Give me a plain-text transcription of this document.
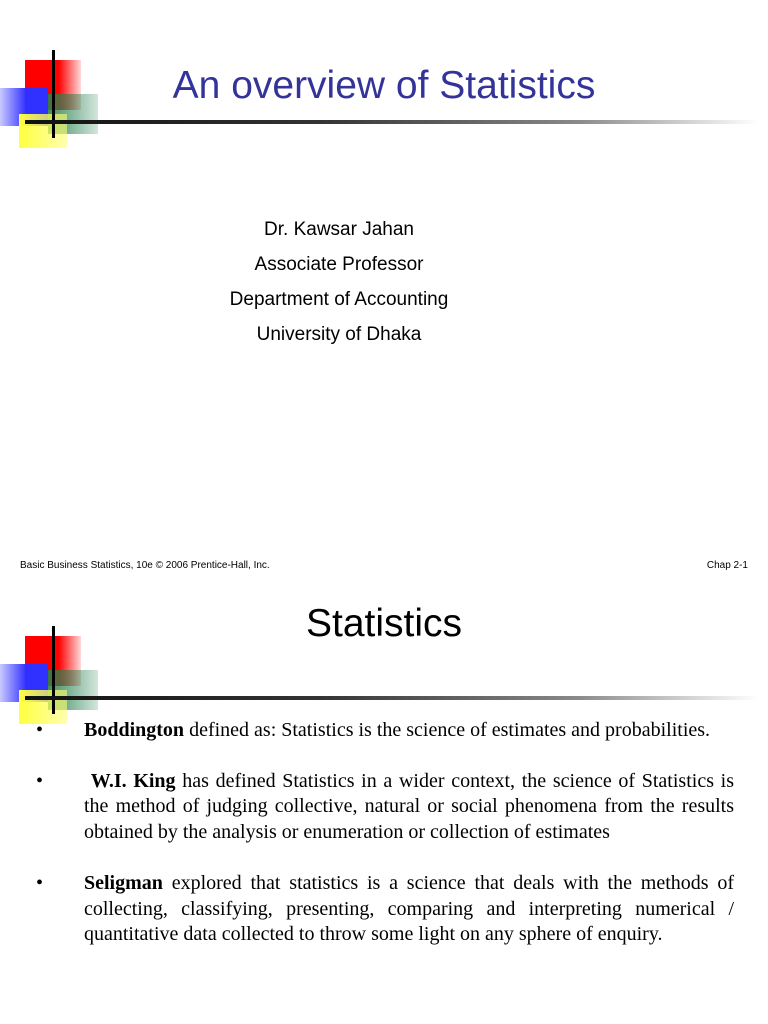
An overview of Statistics
Dr. Kawsar Jahan
Associate Professor
Department of Accounting
University of Dhaka
Basic Business Statistics, 10e © 2006 Prentice-Hall, Inc.	Chap 2-1
Statistics
• Boddington defined as: Statistics is the science of estimates and probabilities.
• W.I. King has defined Statistics in a wider context, the science of Statistics is the method of judging collective, natural or social phenomena from the results obtained by the analysis or enumeration or collection of estimates
• Seligman explored that statistics is a science that deals with the methods of collecting, classifying, presenting, comparing and interpreting numerical / quantitative data collected to throw some light on any sphere of enquiry.
